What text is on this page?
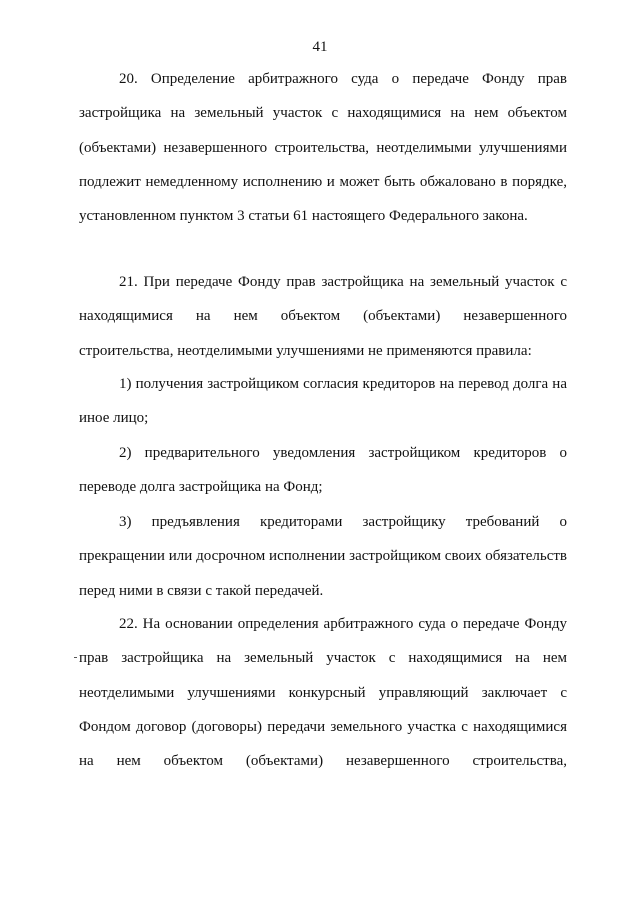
41

20. Определение арбитражного суда о передаче Фонду прав застройщика на земельный участок с находящимися на нем объектом (объектами) незавершенного строительства, неотделимыми улучшениями подлежит немедленному исполнению и может быть обжаловано в порядке, установленном пунктом 3 статьи 61 настоящего Федерального закона.

21. При передаче Фонду прав застройщика на земельный участок с находящимися на нем объектом (объектами) незавершенного строительства, неотделимыми улучшениями не применяются правила:

1) получения застройщиком согласия кредиторов на перевод долга на иное лицо;

2) предварительного уведомления застройщиком кредиторов о переводе долга застройщика на Фонд;

3) предъявления кредиторами застройщику требований о прекращении или досрочном исполнении застройщиком своих обязательств перед ними в связи с такой передачей.

22. На основании определения арбитражного суда о передаче Фонду прав застройщика на земельный участок с находящимися на нем неотделимыми улучшениями конкурсный управляющий заключает с Фондом договор (договоры) передачи земельного участка с находящимися на нем объектом (объектами) незавершенного строительства,
